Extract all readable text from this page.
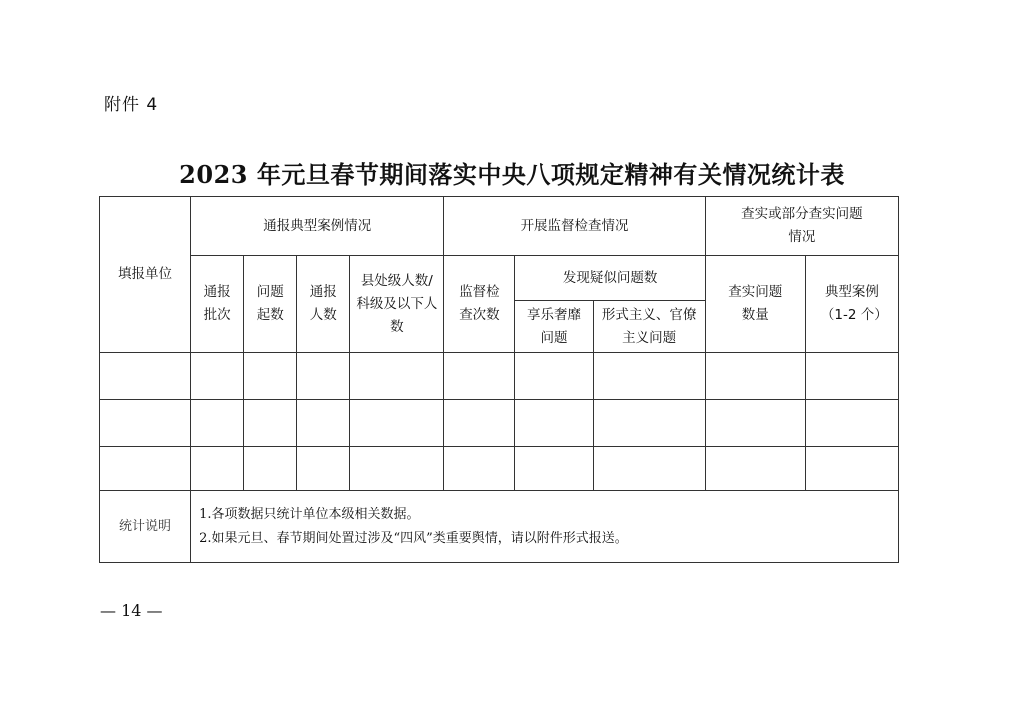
附件 4
2023 年元旦春节期间落实中央八项规定精神有关情况统计表
填报单位	通报典型案例情况				开展监督检查情况			查实或部分查实问题情况	

	通报批次	问题起数	通报人数	县处级人数/科级及以下人数	监督检查次数	发现疑似问题数		查实问题数量	典型案例（1-2 个）

						享乐奢靡问题	形式主义、官僚主义问题		

统计说明	1.各项数据只统计单位本级相关数据。
2.如果元旦、春节期间处置过涉及“四风”类重要舆情，请以附件形式报送。								
— 14 —
